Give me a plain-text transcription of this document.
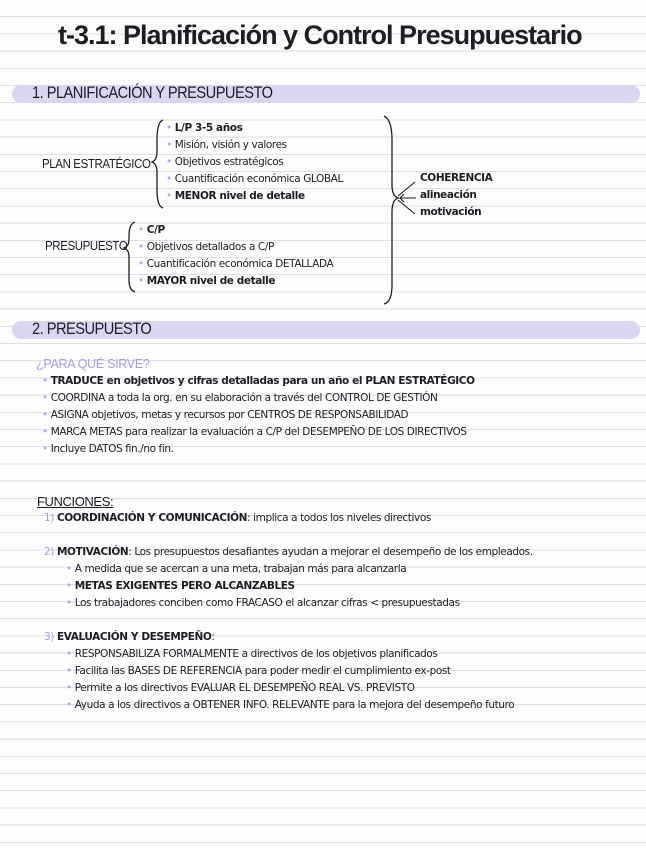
t-3.1: Planificación y Control Presupuestario
1. PLANIFICACIÓN Y PRESUPUESTO
PLAN ESTRATÉGICO
• L/P 3-5 años
• Misión, visión y valores
• Objetivos estratégicos
• Cuantificación económica GLOBAL
• MENOR nivel de detalle
PRESUPUESTO
• C/P
• Objetivos detallados a C/P
• Cuantificación económica DETALLADA
• MAYOR nivel de detalle
COHERENCIA
alineación
motivación
2. PRESUPUESTO
¿PARA QUÉ SIRVE?
• TRADUCE en objetivos y cifras detalladas para un año el PLAN ESTRATÉGICO
• COORDINA a toda la org. en su elaboración a través del CONTROL DE GESTIÓN
• ASIGNA objetivos, metas y recursos por CENTROS DE RESPONSABILIDAD
• MARCA METAS para realizar la evaluación a C/P del DESEMPEÑO DE LOS DIRECTIVOS
• Incluye DATOS fin./no fin.
FUNCIONES:
1) COORDINACIÓN Y COMUNICACIÓN: implica a todos los niveles directivos
2) MOTIVACIÓN: Los presupuestos desafiantes ayudan a mejorar el desempeño de los empleados.
• A medida que se acercan a una meta, trabajan más para alcanzarla
• METAS EXIGENTES PERO ALCANZABLES
• Los trabajadores conciben como FRACASO el alcanzar cifras < presupuestadas
3) EVALUACIÓN Y DESEMPEÑO:
• RESPONSABILIZA FORMALMENTE a directivos de los objetivos planificados
• Facilita las BASES DE REFERENCIA para poder medir el cumplimiento ex-post
• Permite a los directivos EVALUAR EL DESEMPEÑO REAL VS. PREVISTO
• Ayuda a los directivos a OBTENER INFO. RELEVANTE para la mejora del desempeño futuro
